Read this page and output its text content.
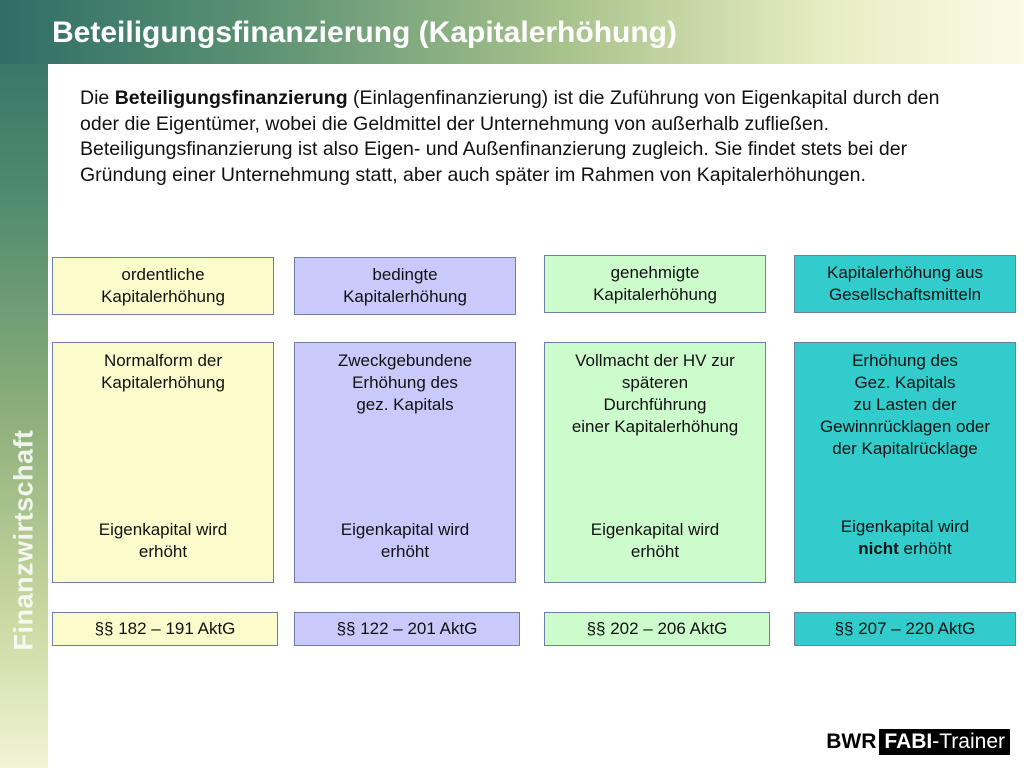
Finanzwirtschaft
Beteiligungsfinanzierung (Kapitalerhöhung)
Die Beteiligungsfinanzierung (Einlagenfinanzierung) ist die Zuführung von Eigenkapital durch den oder die Eigentümer, wobei die Geldmittel der Unternehmung von außerhalb zufließen. Beteiligungsfinanzierung ist also Eigen- und Außenfinanzierung zugleich. Sie findet stets bei der Gründung einer Unternehmung statt, aber auch später im Rahmen von Kapitalerhöhungen.
ordentliche
Kapitalerhöhung
Normalform der
Kapitalerhöhung
Eigenkapital wird
erhöht
§§ 182 – 191 AktG
bedingte
Kapitalerhöhung
Zweckgebundene
Erhöhung des
gez. Kapitals
Eigenkapital wird
erhöht
§§ 122 – 201 AktG
genehmigte
Kapitalerhöhung
Vollmacht der HV zur
späteren
Durchführung
einer Kapitalerhöhung
Eigenkapital wird
erhöht
§§ 202 – 206 AktG
Kapitalerhöhung aus
Gesellschaftsmitteln
Erhöhung des
Gez. Kapitals
zu Lasten der
Gewinnrücklagen oder
der Kapitalrücklage
Eigenkapital wird
nicht erhöht
§§ 207 – 220 AktG
BWR FABI -Trainer
